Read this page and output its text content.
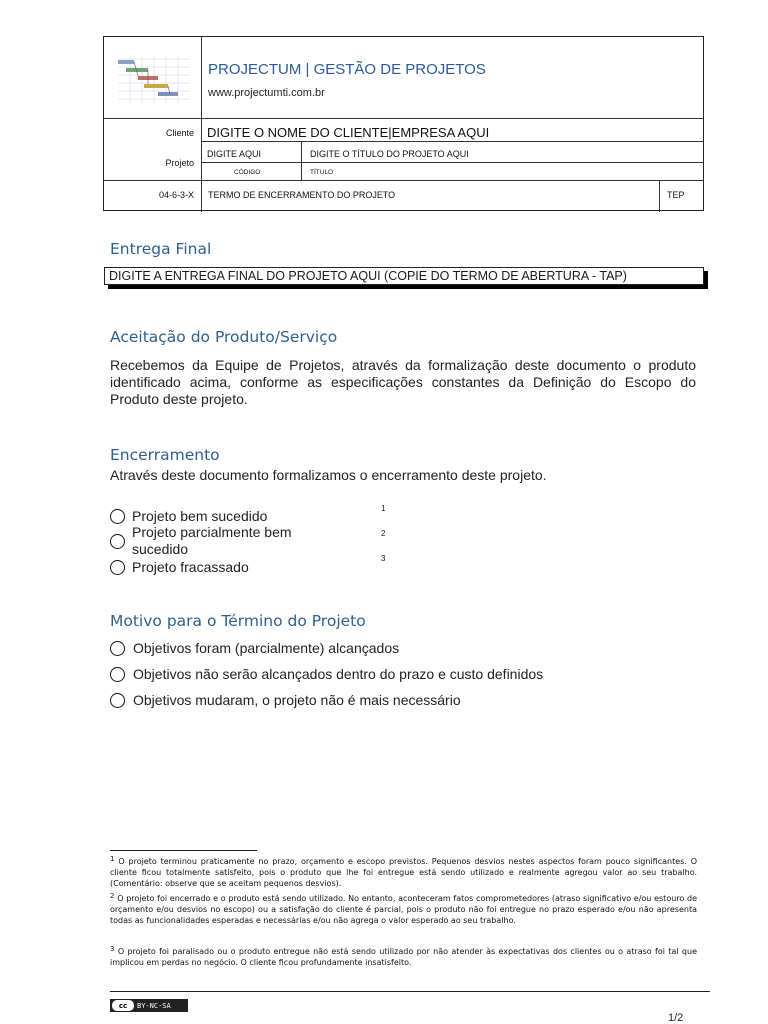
PROJECTUM | GESTÃO DE PROJETOS
www.projectumti.com.br
Cliente DIGITE O NOME DO CLIENTE|EMPRESA AQUI
Projeto
DIGITE AQUI	DIGITE O TÍTULO DO PROJETO AQUI
CÓDIGO	TÍTULO
04-6-3-X TERMO DE ENCERRAMENTO DO PROJETO	TEP
Entrega Final
DIGITE A ENTREGA FINAL DO PROJETO AQUI (COPIE DO TERMO DE ABERTURA - TAP)
Aceitação do Produto/Serviço
Recebemos da Equipe de Projetos, através da formalização deste documento o produto identificado acima, conforme as especificações constantes da Definição do Escopo do Produto deste projeto.
Encerramento
Através deste documento formalizamos o encerramento deste projeto.
Projeto bem sucedido	1
Projeto parcialmente bem
sucedido
2
Projeto fracassado
3
Motivo para o Término do Projeto
Objetivos foram (parcialmente) alcançados
Objetivos não serão alcançados dentro do prazo e custo definidos
Objetivos mudaram, o projeto não é mais necessário
$^1$ O projeto terminou praticamente no prazo, orçamento e escopo previstos. Pequenos desvios nestes aspectos foram pouco significantes. O cliente ficou totalmente satisfeito, pois o produto que lhe foi entregue está sendo utilizado e realmente agregou valor ao seu trabalho. (Comentário: observe que se aceitam pequenos desvios).
$^2$ O projeto foi encerrado e o produto está sendo utilizado. No entanto, aconteceram fatos comprometedores (atraso significativo e/ou estouro de orçamento e/ou desvios no escopo) ou a satisfação do cliente é parcial, pois o produto não foi entregue no prazo esperado e/ou não apresenta todas as funcionalidades esperadas e necessárias e/ou não agrega o valor esperado ao seu trabalho.
$^3$ O projeto foi paralisado ou o produto entregue não está sendo utilizado por não atender às expectativas dos clientes ou o atraso foi tal que implicou em perdas no negócio. O cliente ficou profundamente insatisfeito.
cc	BY-NC-SA
1/2
